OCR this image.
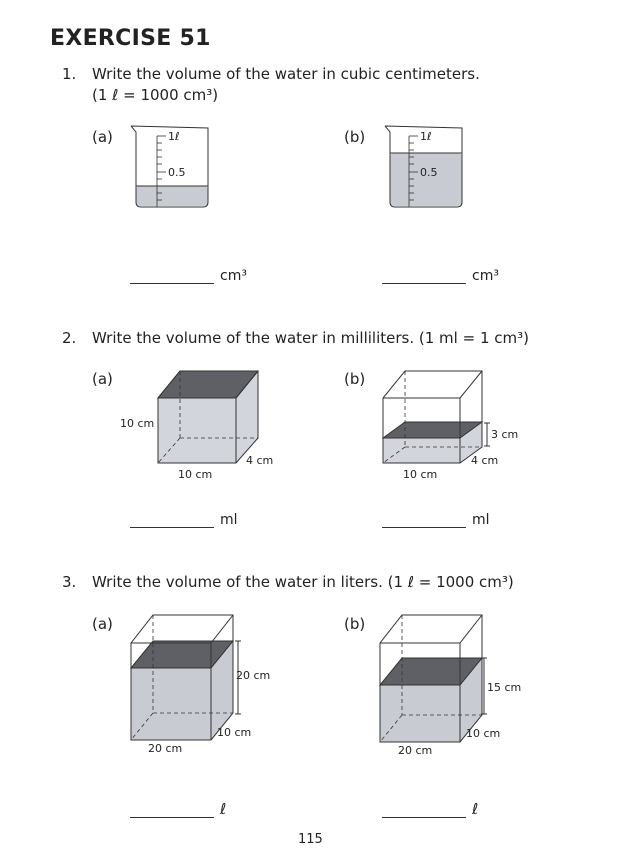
EXERCISE 51
1. Write the volume of the water in cubic centimeters.
(1 ℓ = 1000 cm³)
(a)	(b)
cm³	cm³
2. Write the volume of the water in milliliters. (1 ml = 1 cm³)
(a)	(b)
ml	ml
3. Write the volume of the water in liters. (1 ℓ = 1000 cm³)
(a)	(b)
ℓ	ℓ
115
1ℓ
0.5
1ℓ
0.5
10 cm
10 cm
4 cm
3 cm
10 cm
4 cm
20 cm
20 cm
10 cm
15 cm
20 cm
10 cm
